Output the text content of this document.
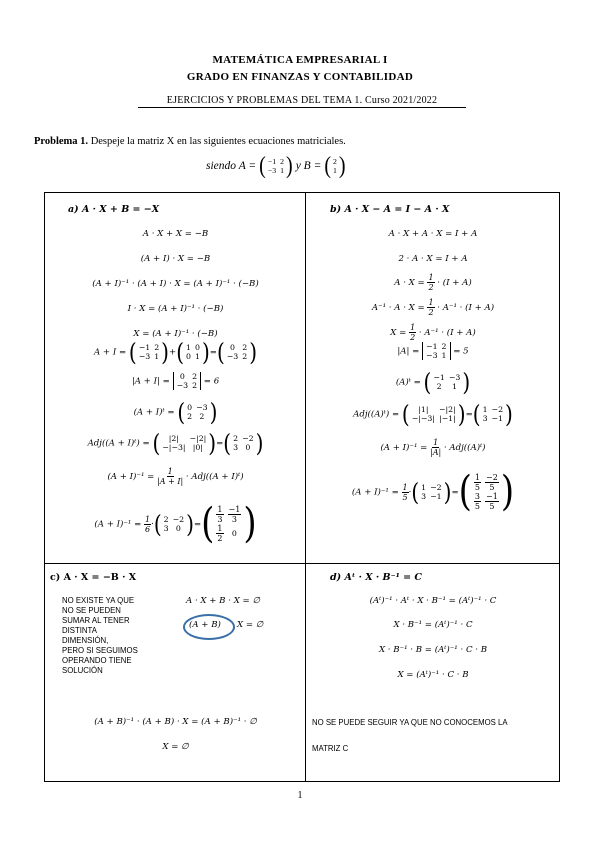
MATEMÁTICA EMPRESARIAL I
GRADO EN FINANZAS Y CONTABILIDAD
EJERCICIOS Y PROBLEMAS DEL TEMA 1. Curso 2021/2022
Problema 1. Despeje la matriz X en las siguientes ecuaciones matriciales.
siendo A = ( −1	2
−3	1 ) y B = ( 2
1 )
a) A · X + B = −X
A · X + X = −B
(A + I) · X = −B
(A + I)⁻¹ · (A + I) · X = (A + I)⁻¹ · (−B)
I · X = (A + I)⁻¹ · (−B)
X = (A + I)⁻¹ · (−B)
A + I = ( −1	2
−3	1 ) + ( 1	0
0	1 ) = ( 0	2
−3	2 )
|A + I| = 0	2
−3	2 = 6
(A + I)ᵗ = ( 0	−3
2	2 )
Adj((A + I)ᵗ) = ( |2|	−|2|
−|−3|	|0| ) = ( 2	−2
3	0 )
$(A + I)^{-1} = \frac{1}{|A + I|} \cdot Adj((A$ + I)ᵗ)
$(A + I)^{-1} = \frac{1}{6}$ · ( 2	−2
3	0 ) = ( $\frac{1}{3}$	$\frac{-1}{3}$

$\frac{1}{2}$	0 )
b) A · X − A = I − A · X
A · X + A · X = I + A
2 · A · X = I + A
$A \cdot X = \frac{1}{2} \cdot (I + A)$
$A^{-1} \cdot A \cdot X = \frac{1}{2} \cdot A^{-1} \cdot (I + A)$
$X = \frac{1}{2} \cdot A^{-1} \cdot (I + A)$
|A| = −1	2
−3	1 = 5
(A)ᵗ = ( −1	−3
2	1 )
Adj((A)ᵗ) = ( |1|	−|2|
−|−3|	|−1| ) = ( 1	−2
3	−1 )
$(A + I)^{-1} = \frac{1}{|A|}$ · Adj((A)ᵗ)
$(A + I)^{-1} = \frac{1}{5}$ · ( 1	−2
3	−1 ) = ( $\frac{1}{5}$	$\frac{-2}{5}$

$\frac{3}{5}$	$\frac{-1}{5}$ )
c) A · X = −B · X
NO EXISTE YA QUE
NO SE PUEDEN
SUMAR AL TENER
DISTINTA
DIMENSIÓN,
PERO SI SEGUIMOS
OPERANDO TIENE
SOLUCIÓN
A · X + B · X = ∅
(A + B) X = ∅
(A + B)⁻¹ · (A + B) · X = (A + B)⁻¹ · ∅
X = ∅
d) Aᵗ · X · B⁻¹ = C
(Aᵗ)⁻¹ · Aᵗ · X · B⁻¹ = (Aᵗ)⁻¹ · C
X · B⁻¹ = (Aᵗ)⁻¹ · C
X · B⁻¹ · B = (Aᵗ)⁻¹ · C · B
X = (Aᵗ)⁻¹ · C · B
NO SE PUEDE SEGUIR YA QUE NO CONOCEMOS LA
MATRIZ C
1
